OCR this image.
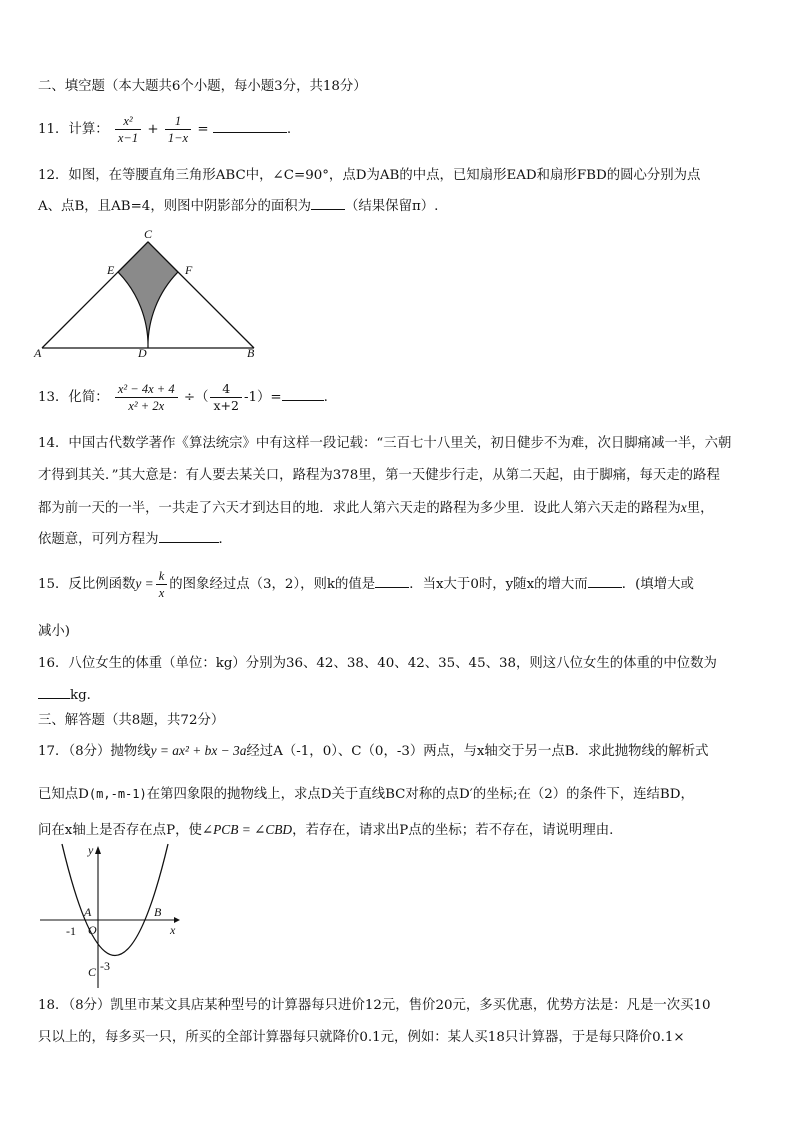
二、填空题（本大题共6个小题，每小题3分，共18分）
11．计算： $\frac{\text{x²}}{x-1} + \frac{1}{1-x}$ =	.
12．如图，在等腰直角三角形ABC中，∠C=90°，点D为AB的中点，已知扇形EAD和扇形FBD的圆心分别为点
A、点B，且AB=4，则图中阴影部分的面积为	（结果保留π）.
C
E	F
A	D	B
13．化简： $\frac{\text{x² − 4x + 4}}{\text{x² + 2x}}$ ÷（ $\frac{4}{x+2} -1)=$	.
14．中国古代数学著作《算法统宗》中有这样一段记载：“三百七十八里关，初日健步不为难，次日脚痛减一半，六朝
才得到其关．”其大意是：有人要去某关口，路程为378里，第一天健步行走，从第二天起，由于脚痛，每天走的路程
都为前一天的一半，一共走了六天才到达目的地．求此人第六天走的路程为多少里．设此人第六天走的路程为x里，
依题意，可列方程为	．
15．反比例函数$y = \frac{k}{x}$ 的图象经过点（3，2），则k的值是	．当x大于0时，y随x的增大而	．(填增大或
减小)
16．八位女生的体重（单位：kg）分别为36、42、38、40、42、35、45、38，则这八位女生的体重的中位数为
kg．
三、解答题（共8题，共72分）
17．（8分）抛物线y = ax² + bx − 3a经过A（-1，0）、C（0，-3）两点，与x轴交于另一点B．求此抛物线的解析式
已知点D(m,-m-1)在第四象限的抛物线上，求点D关于直线BC对称的点D′的坐标;在（2）的条件下，连结BD，
问在x轴上是否存在点P，使∠PCB = ∠CBD，若存在，请求出P点的坐标；若不存在，请说明理由.
y
A	B
-1 O	x
C -3
18．（8分）凯里市某文具店某种型号的计算器每只进价12元，售价20元，多买优惠，优势方法是：凡是一次买10
只以上的，每多买一只，所买的全部计算器每只就降价0.1元，例如：某人买18只计算器，于是每只降价0.1×
